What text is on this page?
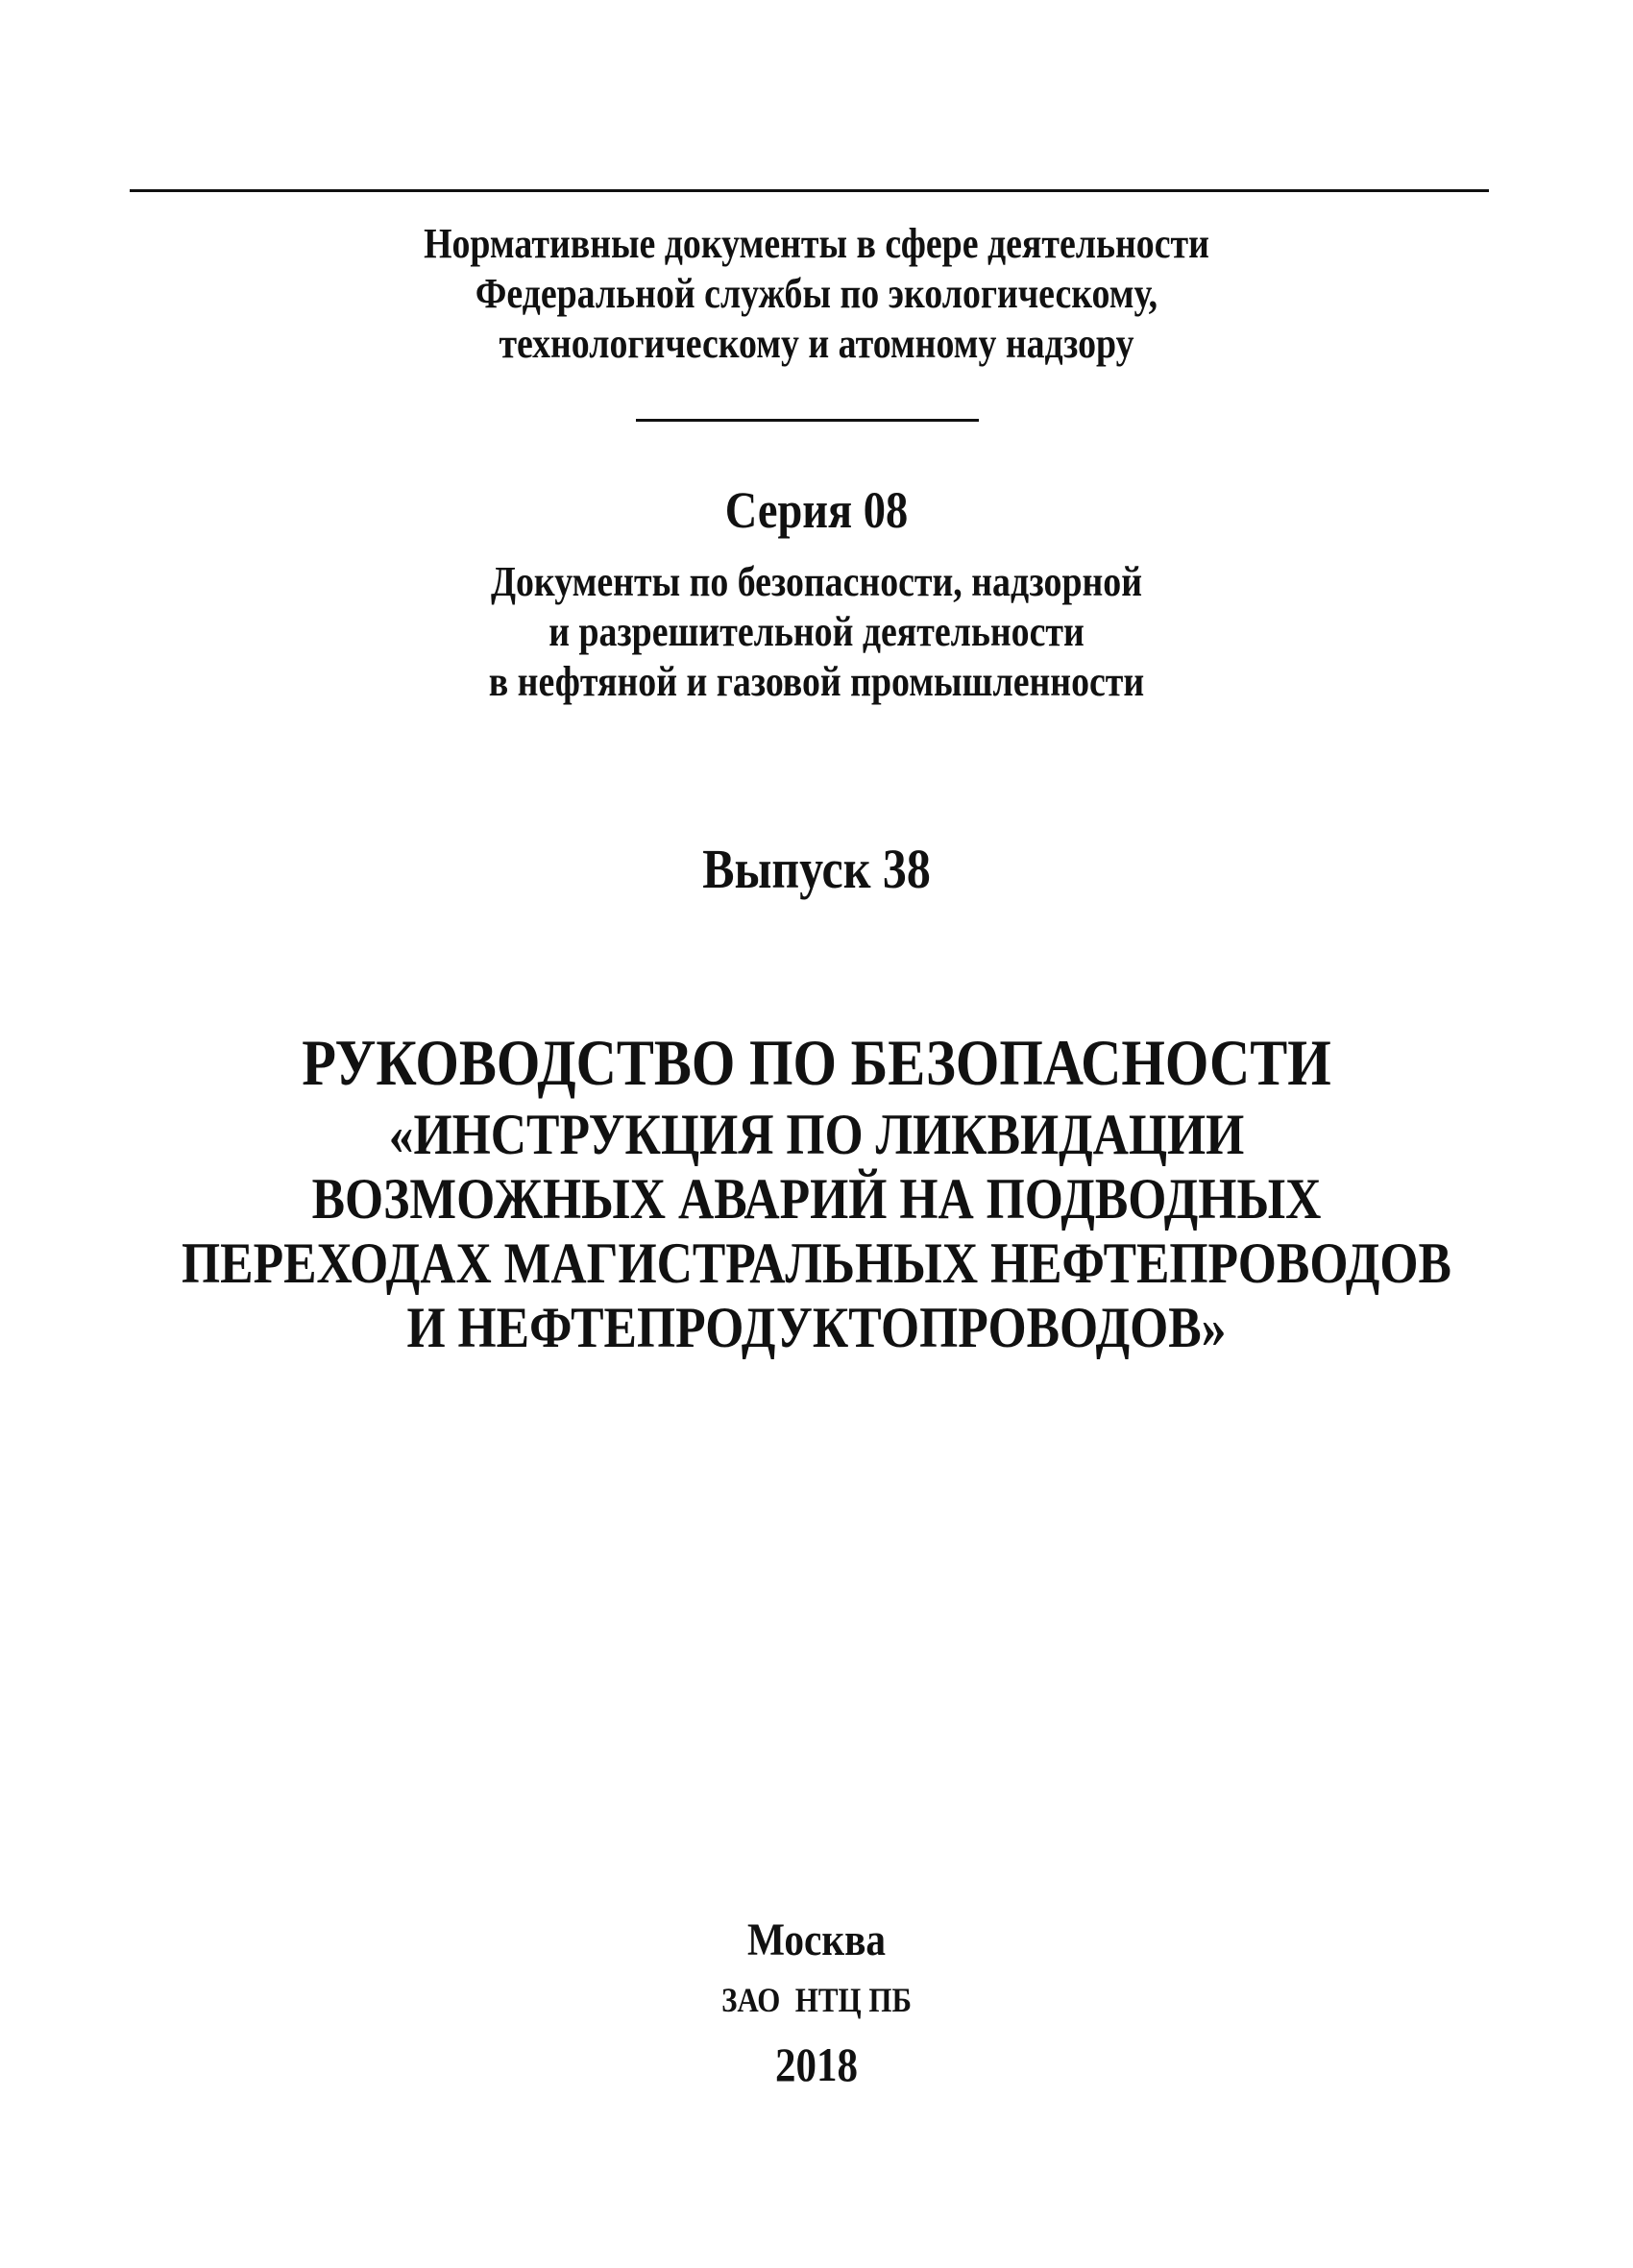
Нормативные документы в сфере деятельности
Федеральной службы по экологическому,
технологическому и атомному надзору
Серия 08
Документы по безопасности, надзорной
и разрешительной деятельности
в нефтяной и газовой промышленности
Выпуск 38
РУКОВОДСТВО ПО БЕЗОПАСНОСТИ
«ИНСТРУКЦИЯ ПО ЛИКВИДАЦИИ
ВОЗМОЖНЫХ АВАРИЙ НА ПОДВОДНЫХ
ПЕРЕХОДАХ МАГИСТРАЛЬНЫХ НЕФТЕПРОВОДОВ
И НЕФТЕПРОДУКТОПРОВОДОВ»
Москва
ЗАО  НТЦ ПБ
2018
